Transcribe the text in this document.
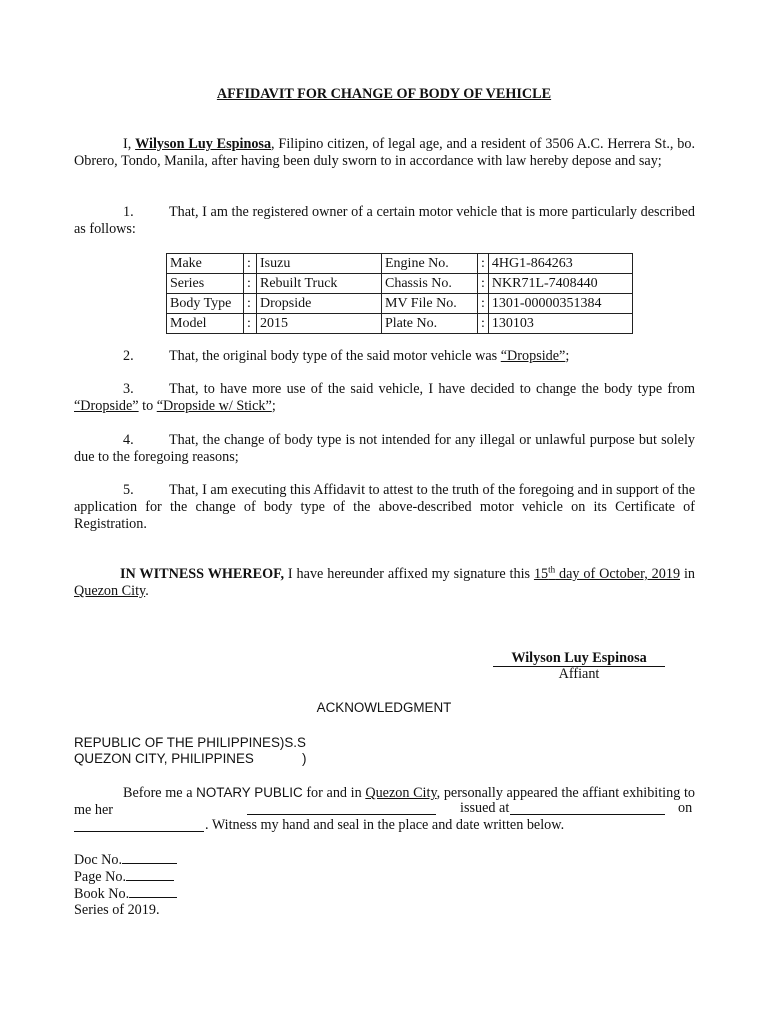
AFFIDAVIT FOR CHANGE OF BODY OF VEHICLE
I, Wilyson Luy Espinosa, Filipino citizen, of legal age, and a resident of 3506 A.C. Herrera St., bo. Obrero, Tondo, Manila, after having been duly sworn to in accordance with law hereby depose and say;
1. That, I am the registered owner of a certain motor vehicle that is more particularly described as follows:
Make	:	Isuzu	Engine No.	:	4HG1-864263
Series	:	Rebuilt Truck	Chassis No.	:	NKR71L-7408440
Body Type	:	Dropside	MV File No.	:	1301-00000351384
Model	:	2015	Plate No.	:	130103
2. That, the original body type of the said motor vehicle was “Dropside”;
3. That, to have more use of the said vehicle, I have decided to change the body type from “Dropside” to “Dropside w/ Stick”;
4. That, the change of body type is not intended for any illegal or unlawful purpose but solely due to the foregoing reasons;
5. That, I am executing this Affidavit to attest to the truth of the foregoing and in support of the application for the change of body type of the above-described motor vehicle on its Certificate of Registration.
IN WITNESS WHEREOF, I have hereunder affixed my signature this 15th day of October, 2019 in Quezon City.
Wilyson Luy Espinosa
Affiant
ACKNOWLEDGMENT
REPUBLIC OF THE PHILIPPINES)S.S
QUEZON CITY, PHILIPPINES	)
Before me a NOTARY PUBLIC for and in Quezon City, personally appeared the affiant exhibiting to me her	issued at	on
. Witness my hand and seal in the place and date written below.
Doc No.
Page No.
Book No.
Series of 2019.
